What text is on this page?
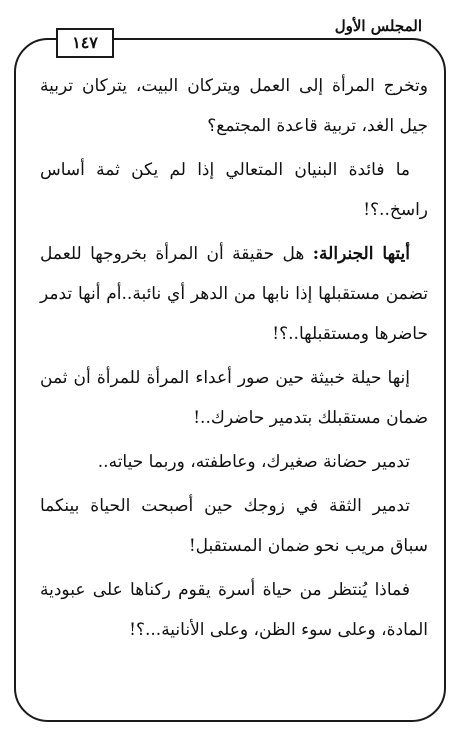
المجلس الأول
١٤٧

وتخرج المرأة إلى العمل ويتركان البيت، يتركان تربية جيل الغد، تربية قاعدة المجتمع؟

ما فائدة البنيان المتعالي إذا لم يكن ثمة أساس راسخ..؟!

أيتها الجنرالة: هل حقيقة أن المرأة بخروجها للعمل تضمن مستقبلها إذا نابها من الدهر أي نائبة..أم أنها تدمر حاضرها ومستقبلها..؟!

إنها حيلة خبيثة حين صور أعداء المرأة للمرأة أن ثمن ضمان مستقبلك بتدمير حاضرك..!

تدمير حضانة صغيرك، وعاطفته، وربما حياته..

تدمير الثقة في زوجك حين أصبحت الحياة بينكما سباق مريب نحو ضمان المستقبل!

فماذا يُنتظر من حياة أسرة يقوم ركناها على عبودية المادة، وعلى سوء الظن، وعلى الأنانية...؟!
